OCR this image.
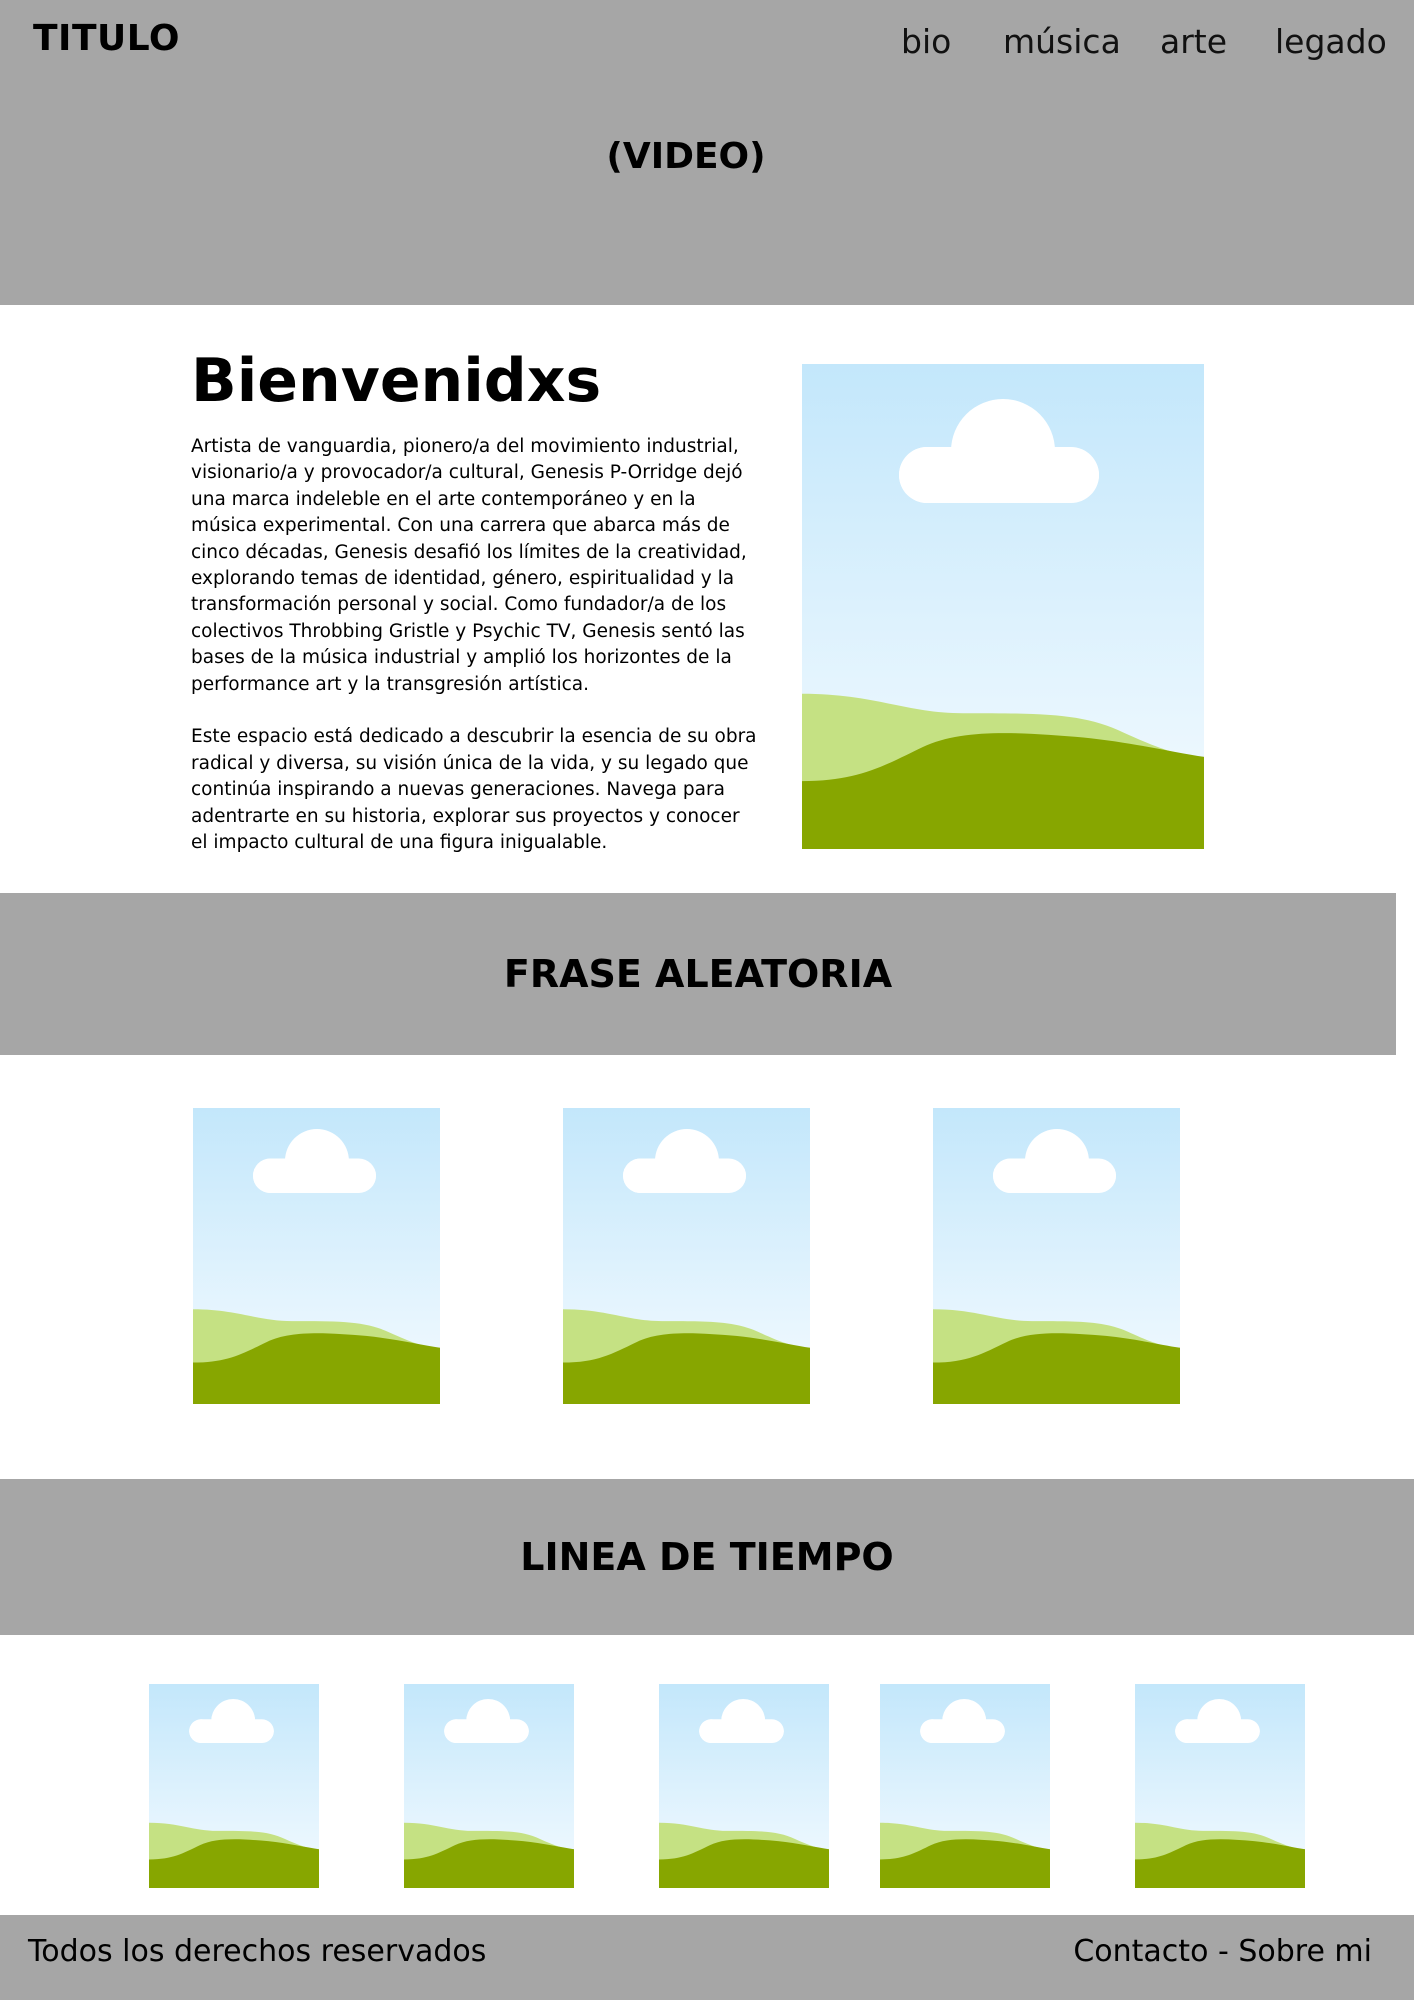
TITULO	bio música arte legado
(VIDEO)
Bienvenidxs

Artista de vanguardia, pionero/a del movimiento industrial, visionario/a y provocador/a cultural, Genesis P-Orridge dejó una marca indeleble en el arte contemporáneo y en la música experimental. Con una carrera que abarca más de cinco décadas, Genesis desafió los límites de la creatividad, explorando temas de identidad, género, espiritualidad y la transformación personal y social. Como fundador/a de los colectivos Throbbing Gristle y Psychic TV, Genesis sentó las bases de la música industrial y amplió los horizontes de la performance art y la transgresión artística.

Este espacio está dedicado a descubrir la esencia de su obra radical y diversa, su visión única de la vida, y su legado que continúa inspirando a nuevas generaciones. Navega para adentrarte en su historia, explorar sus proyectos y conocer el impacto cultural de una figura inigualable.

FRASE ALEATORIA
LINEA DE TIEMPO
Todos los derechos reservados	Contacto - Sobre mi
